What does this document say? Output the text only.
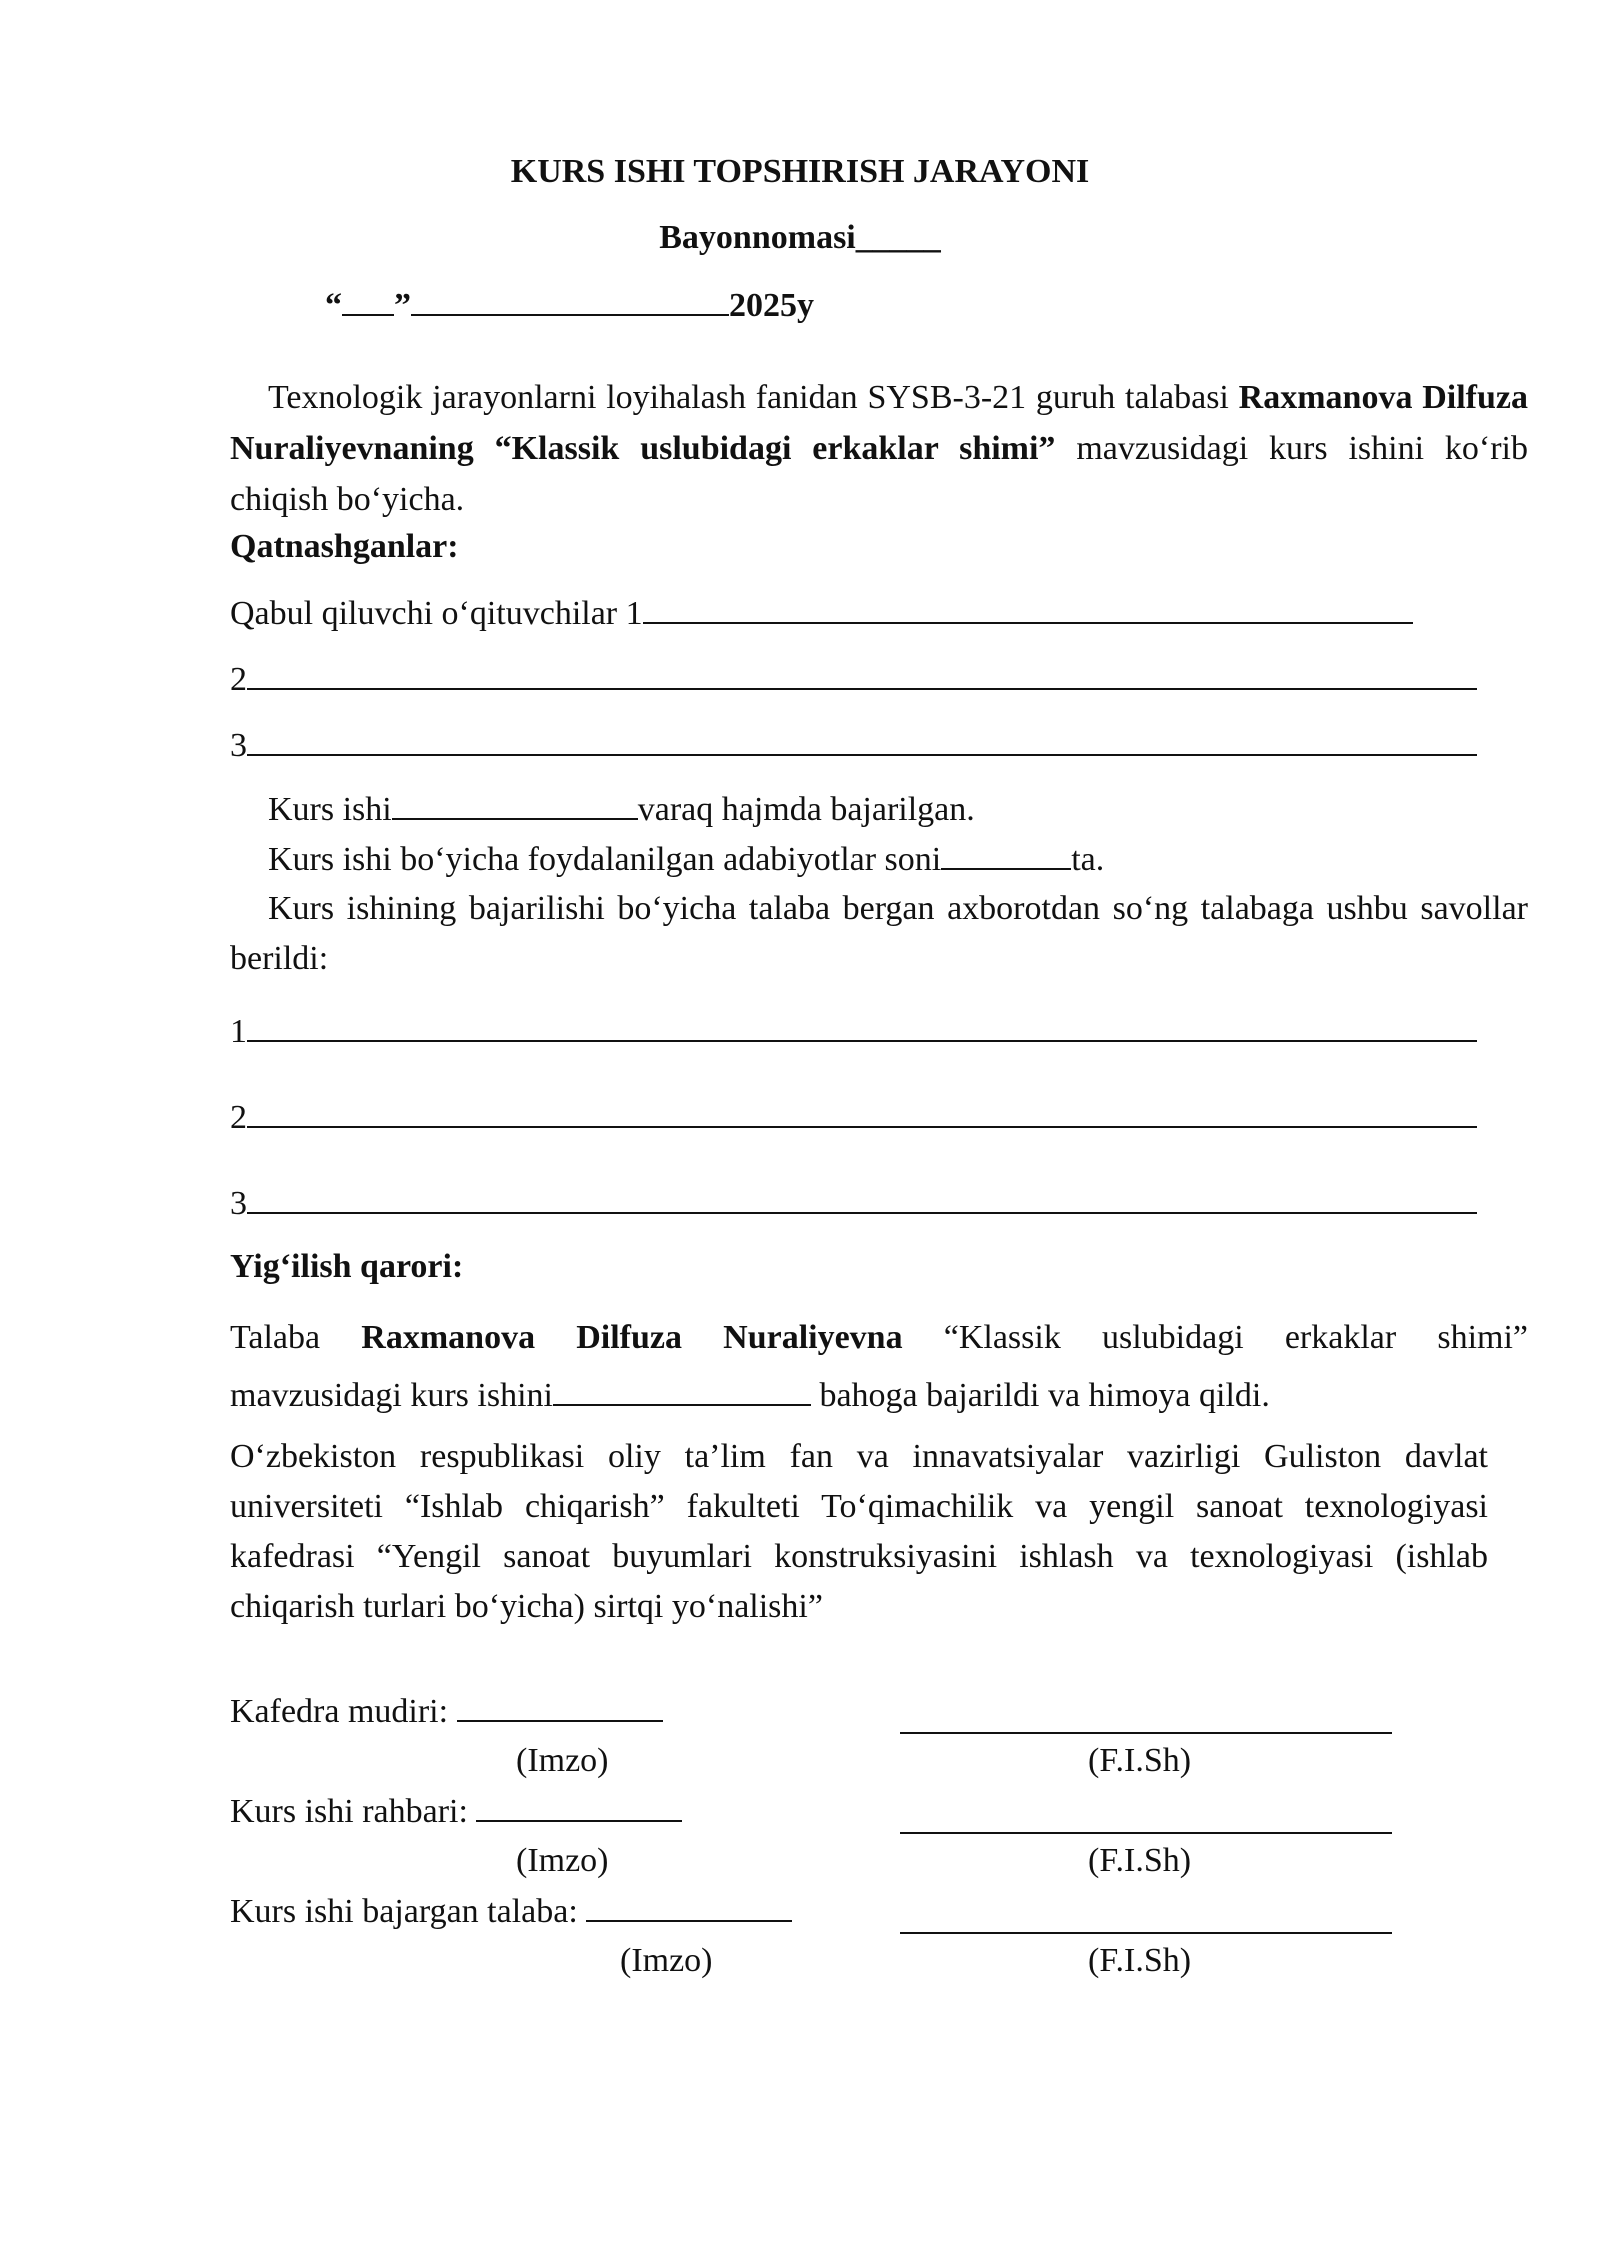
KURS ISHI TOPSHIRISH JARAYONI
Bayonnomasi_____
“ ”	2025y
Texnologik jarayonlarni loyihalash fanidan SYSB-3-21 guruh talabasi Raxmanova Dilfuza Nuraliyevnaning “Klassik uslubidagi erkaklar shimi” mavzusidagi kurs ishini ko‘rib chiqish bo‘yicha.
Qatnashganlar:
Qabul qiluvchi o‘qituvchilar 1
2
3
Kurs ishi	varaq hajmda bajarilgan.
Kurs ishi bo‘yicha foydalanilgan adabiyotlar soni	ta.
Kurs ishining bajarilishi bo‘yicha talaba bergan axborotdan so‘ng talabaga ushbu savollar berildi:
1
2
3
Yig‘ilish qarori:
Talaba Raxmanova Dilfuza Nuraliyevna “Klassik uslubidagi erkaklar shimi”
mavzusidagi kurs ishini	bahoga bajarildi va himoya qildi.
O‘zbekiston respublikasi oliy ta’lim fan va innavatsiyalar vazirligi Guliston davlat universiteti “Ishlab chiqarish” fakulteti To‘qimachilik va yengil sanoat texnologiyasi kafedrasi “Yengil sanoat buyumlari konstruksiyasini ishlash va texnologiyasi (ishlab chiqarish turlari bo‘yicha) sirtqi yo‘nalishi”
Kafedra mudiri:
(Imzo)	(F.I.Sh)
Kurs ishi rahbari:
(Imzo)	(F.I.Sh)
Kurs ishi bajargan talaba:
(Imzo)	(F.I.Sh)
